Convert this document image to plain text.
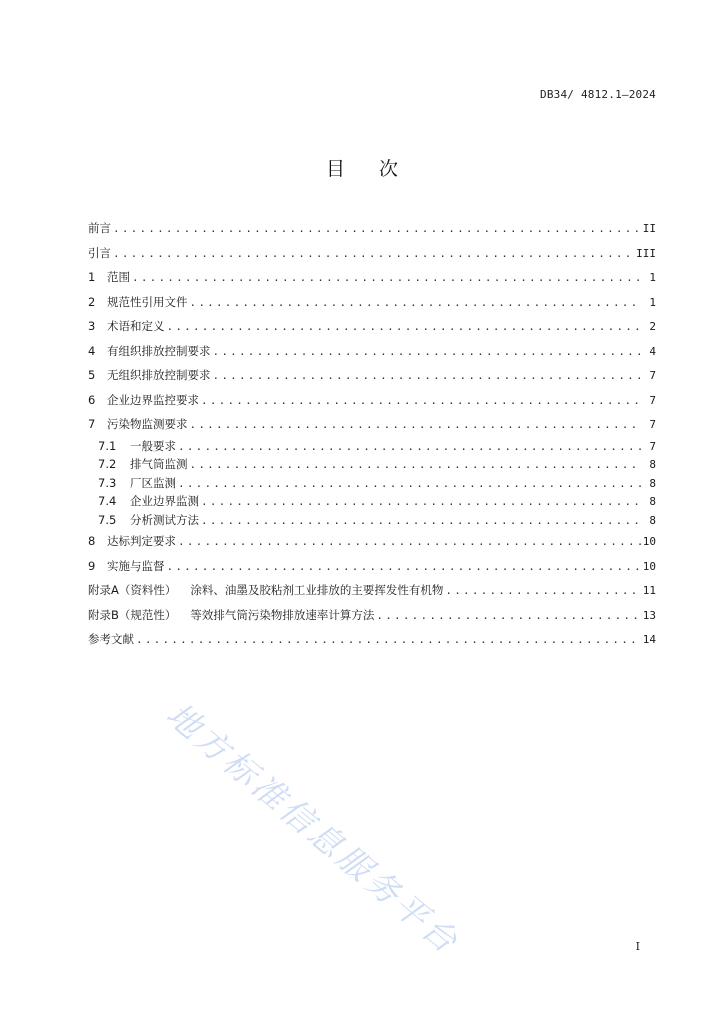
DB34/ 4812.1—2024
目次
前言 .....	II
引言 .....	III
1	范围 .....	1
2	规范性引用文件 .....	1
3	术语和定义 .....	2
4	有组织排放控制要求 .....	4
5	无组织排放控制要求 .....	7
6	企业边界监控要求 .....	7
7	污染物监测要求 .....	7
7.1	一般要求 .....	7
7.2	排气筒监测 .....	8
7.3	厂区监测 .....	8
7.4	企业边界监测 .....	8
7.5	分析测试方法 .....	8
8	达标判定要求 .....	10
9	实施与监督 .....	10
附录A（资料性） 涂料、油墨及胶粘剂工业排放的主要挥发性有机物 .....	11
附录B（规范性） 等效排气筒污染物排放速率计算方法 .....	13
参考文献 .....	14
地方标准信息服务平台	I
